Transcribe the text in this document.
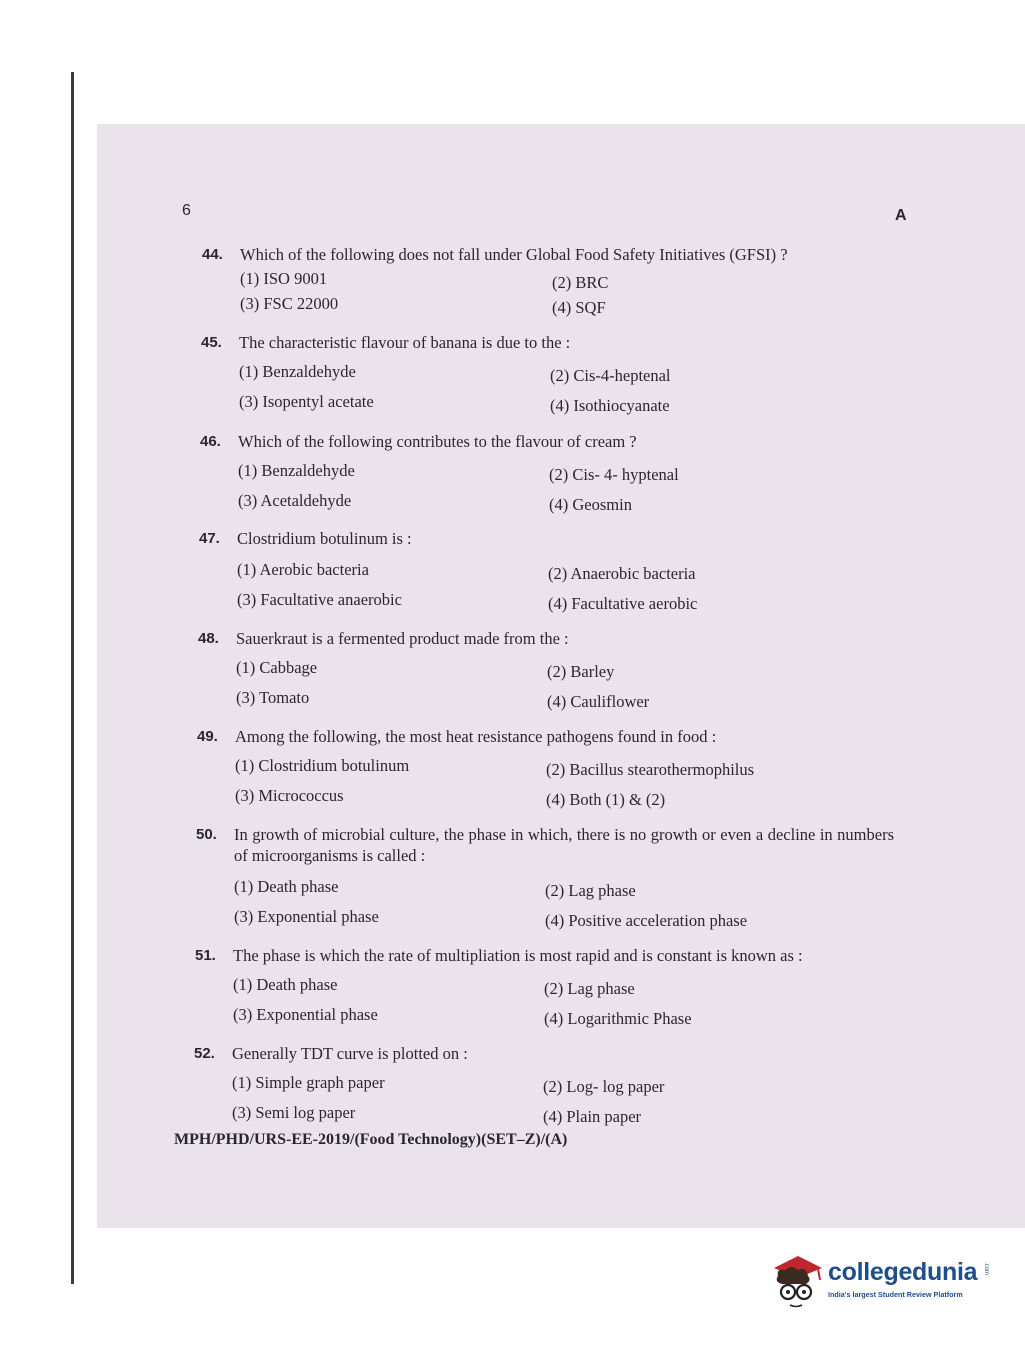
6	A
44.	Which of the following does not fall under Global Food Safety Initiatives (GFSI) ?
(1) ISO 9001	(2) BRC
(3) FSC 22000	(4) SQF
45.	The characteristic flavour of banana is due to the :
(1) Benzaldehyde	(2) Cis-4-heptenal
(3) Isopentyl acetate	(4) Isothiocyanate
46.	Which of the following contributes to the flavour of cream ?
(1) Benzaldehyde	(2) Cis- 4- hyptenal
(3) Acetaldehyde	(4) Geosmin
47.	Clostridium botulinum is :
(1) Aerobic bacteria	(2) Anaerobic bacteria
(3) Facultative anaerobic	(4) Facultative aerobic
48.	Sauerkraut is a fermented product made from the :
(1) Cabbage	(2) Barley
(3) Tomato	(4) Cauliflower
49.	Among the following, the most heat resistance pathogens found in food :
(1) Clostridium botulinum	(2) Bacillus stearothermophilus
(3) Micrococcus	(4) Both (1) & (2)
50.	In growth of microbial culture, the phase in which, there is no growth or even a decline in numbers of microorganisms is called :
(1) Death phase	(2) Lag phase
(3) Exponential phase	(4) Positive acceleration phase
51.	The phase is which the rate of multipliation is most rapid and is constant is known as :
(1) Death phase	(2) Lag phase
(3) Exponential phase	(4) Logarithmic Phase
52.	Generally TDT curve is plotted on :
(1) Simple graph paper	(2) Log- log paper
(3) Semi log paper	(4) Plain paper
MPH/PHD/URS-EE-2019/(Food Technology)(SET–Z)/(A)
collegedunia .com
India's largest Student Review Platform
